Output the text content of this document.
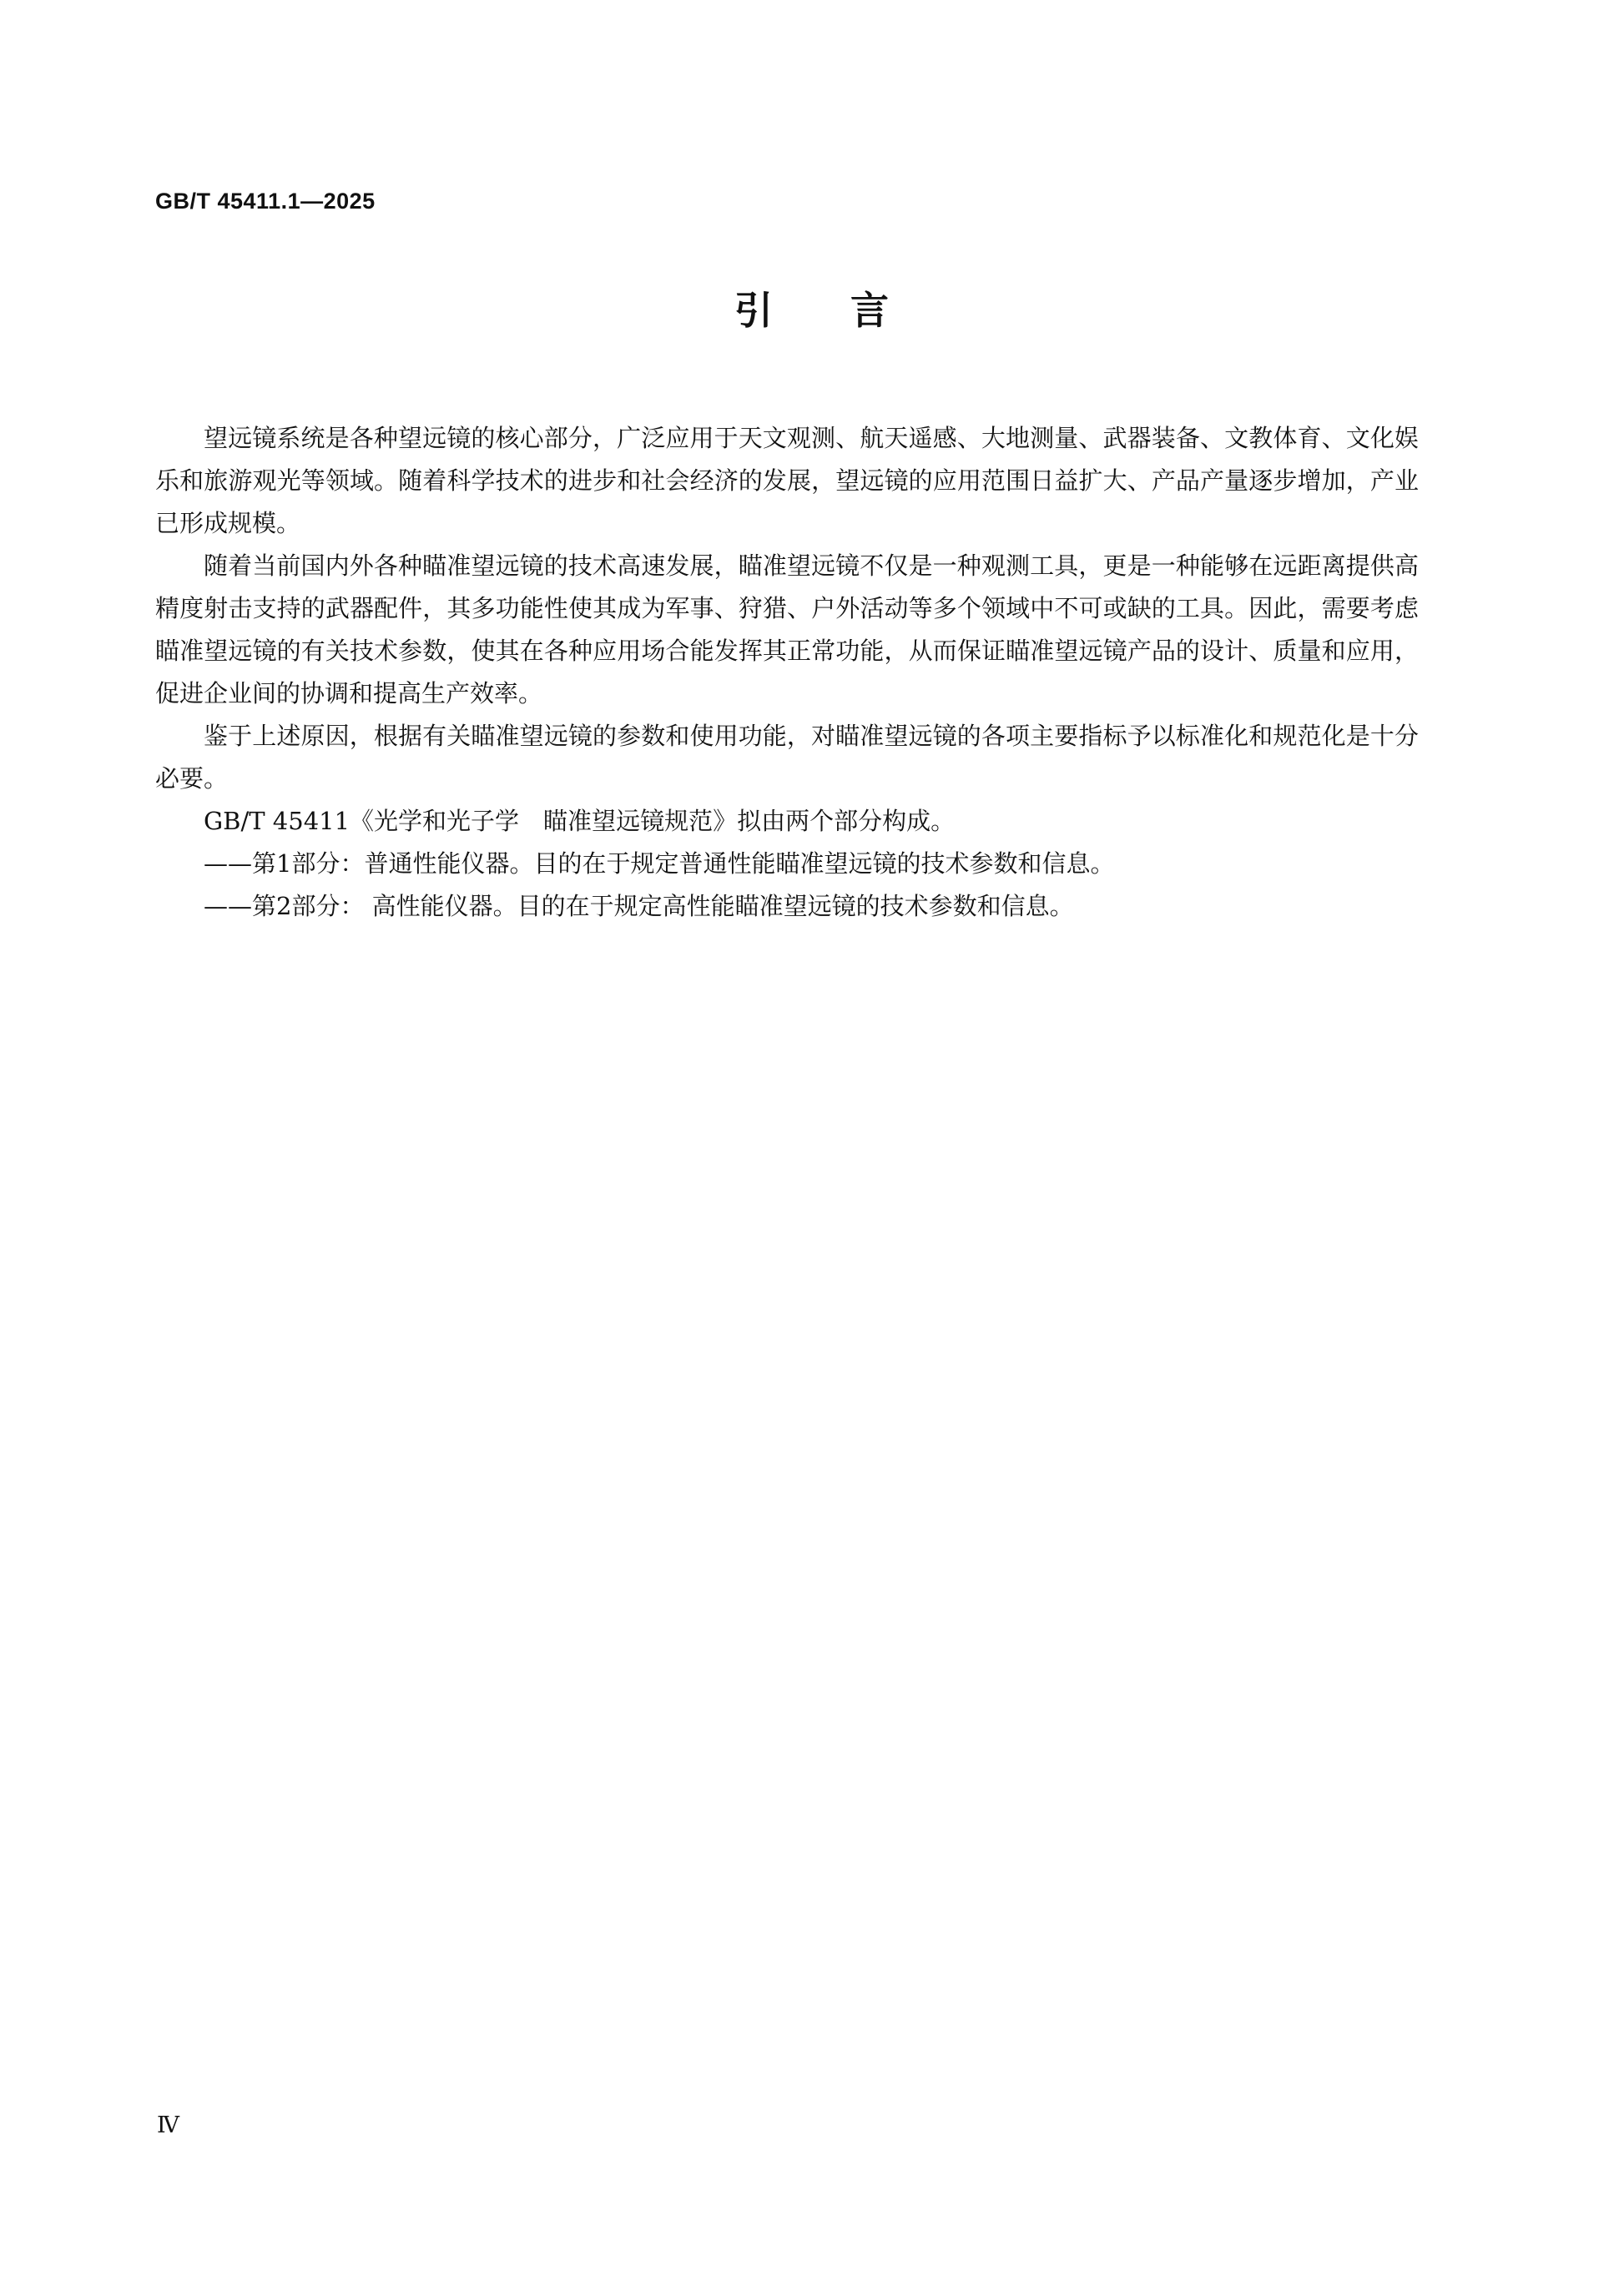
GB/T 45411.1—2025
引 言

望远镜系统是各种望远镜的核心部分，广泛应用于天文观测、航天遥感、大地测量、武器装备、文教体育、文化娱乐和旅游观光等领域。随着科学技术的进步和社会经济的发展，望远镜的应用范围日益扩大、产品产量逐步增加，产业已形成规模。

随着当前国内外各种瞄准望远镜的技术高速发展，瞄准望远镜不仅是一种观测工具，更是一种能够在远距离提供高精度射击支持的武器配件，其多功能性使其成为军事、狩猎、户外活动等多个领域中不可或缺的工具。因此，需要考虑瞄准望远镜的有关技术参数，使其在各种应用场合能发挥其正常功能，从而保证瞄准望远镜产品的设计、质量和应用，促进企业间的协调和提高生产效率。

鉴于上述原因，根据有关瞄准望远镜的参数和使用功能，对瞄准望远镜的各项主要指标予以标准化和规范化是十分必要。

GB/T 45411《光学和光子学　瞄准望远镜规范》拟由两个部分构成。

——第1部分：普通性能仪器。目的在于规定普通性能瞄准望远镜的技术参数和信息。

——第2部分： 高性能仪器。目的在于规定高性能瞄准望远镜的技术参数和信息。

Ⅳ
